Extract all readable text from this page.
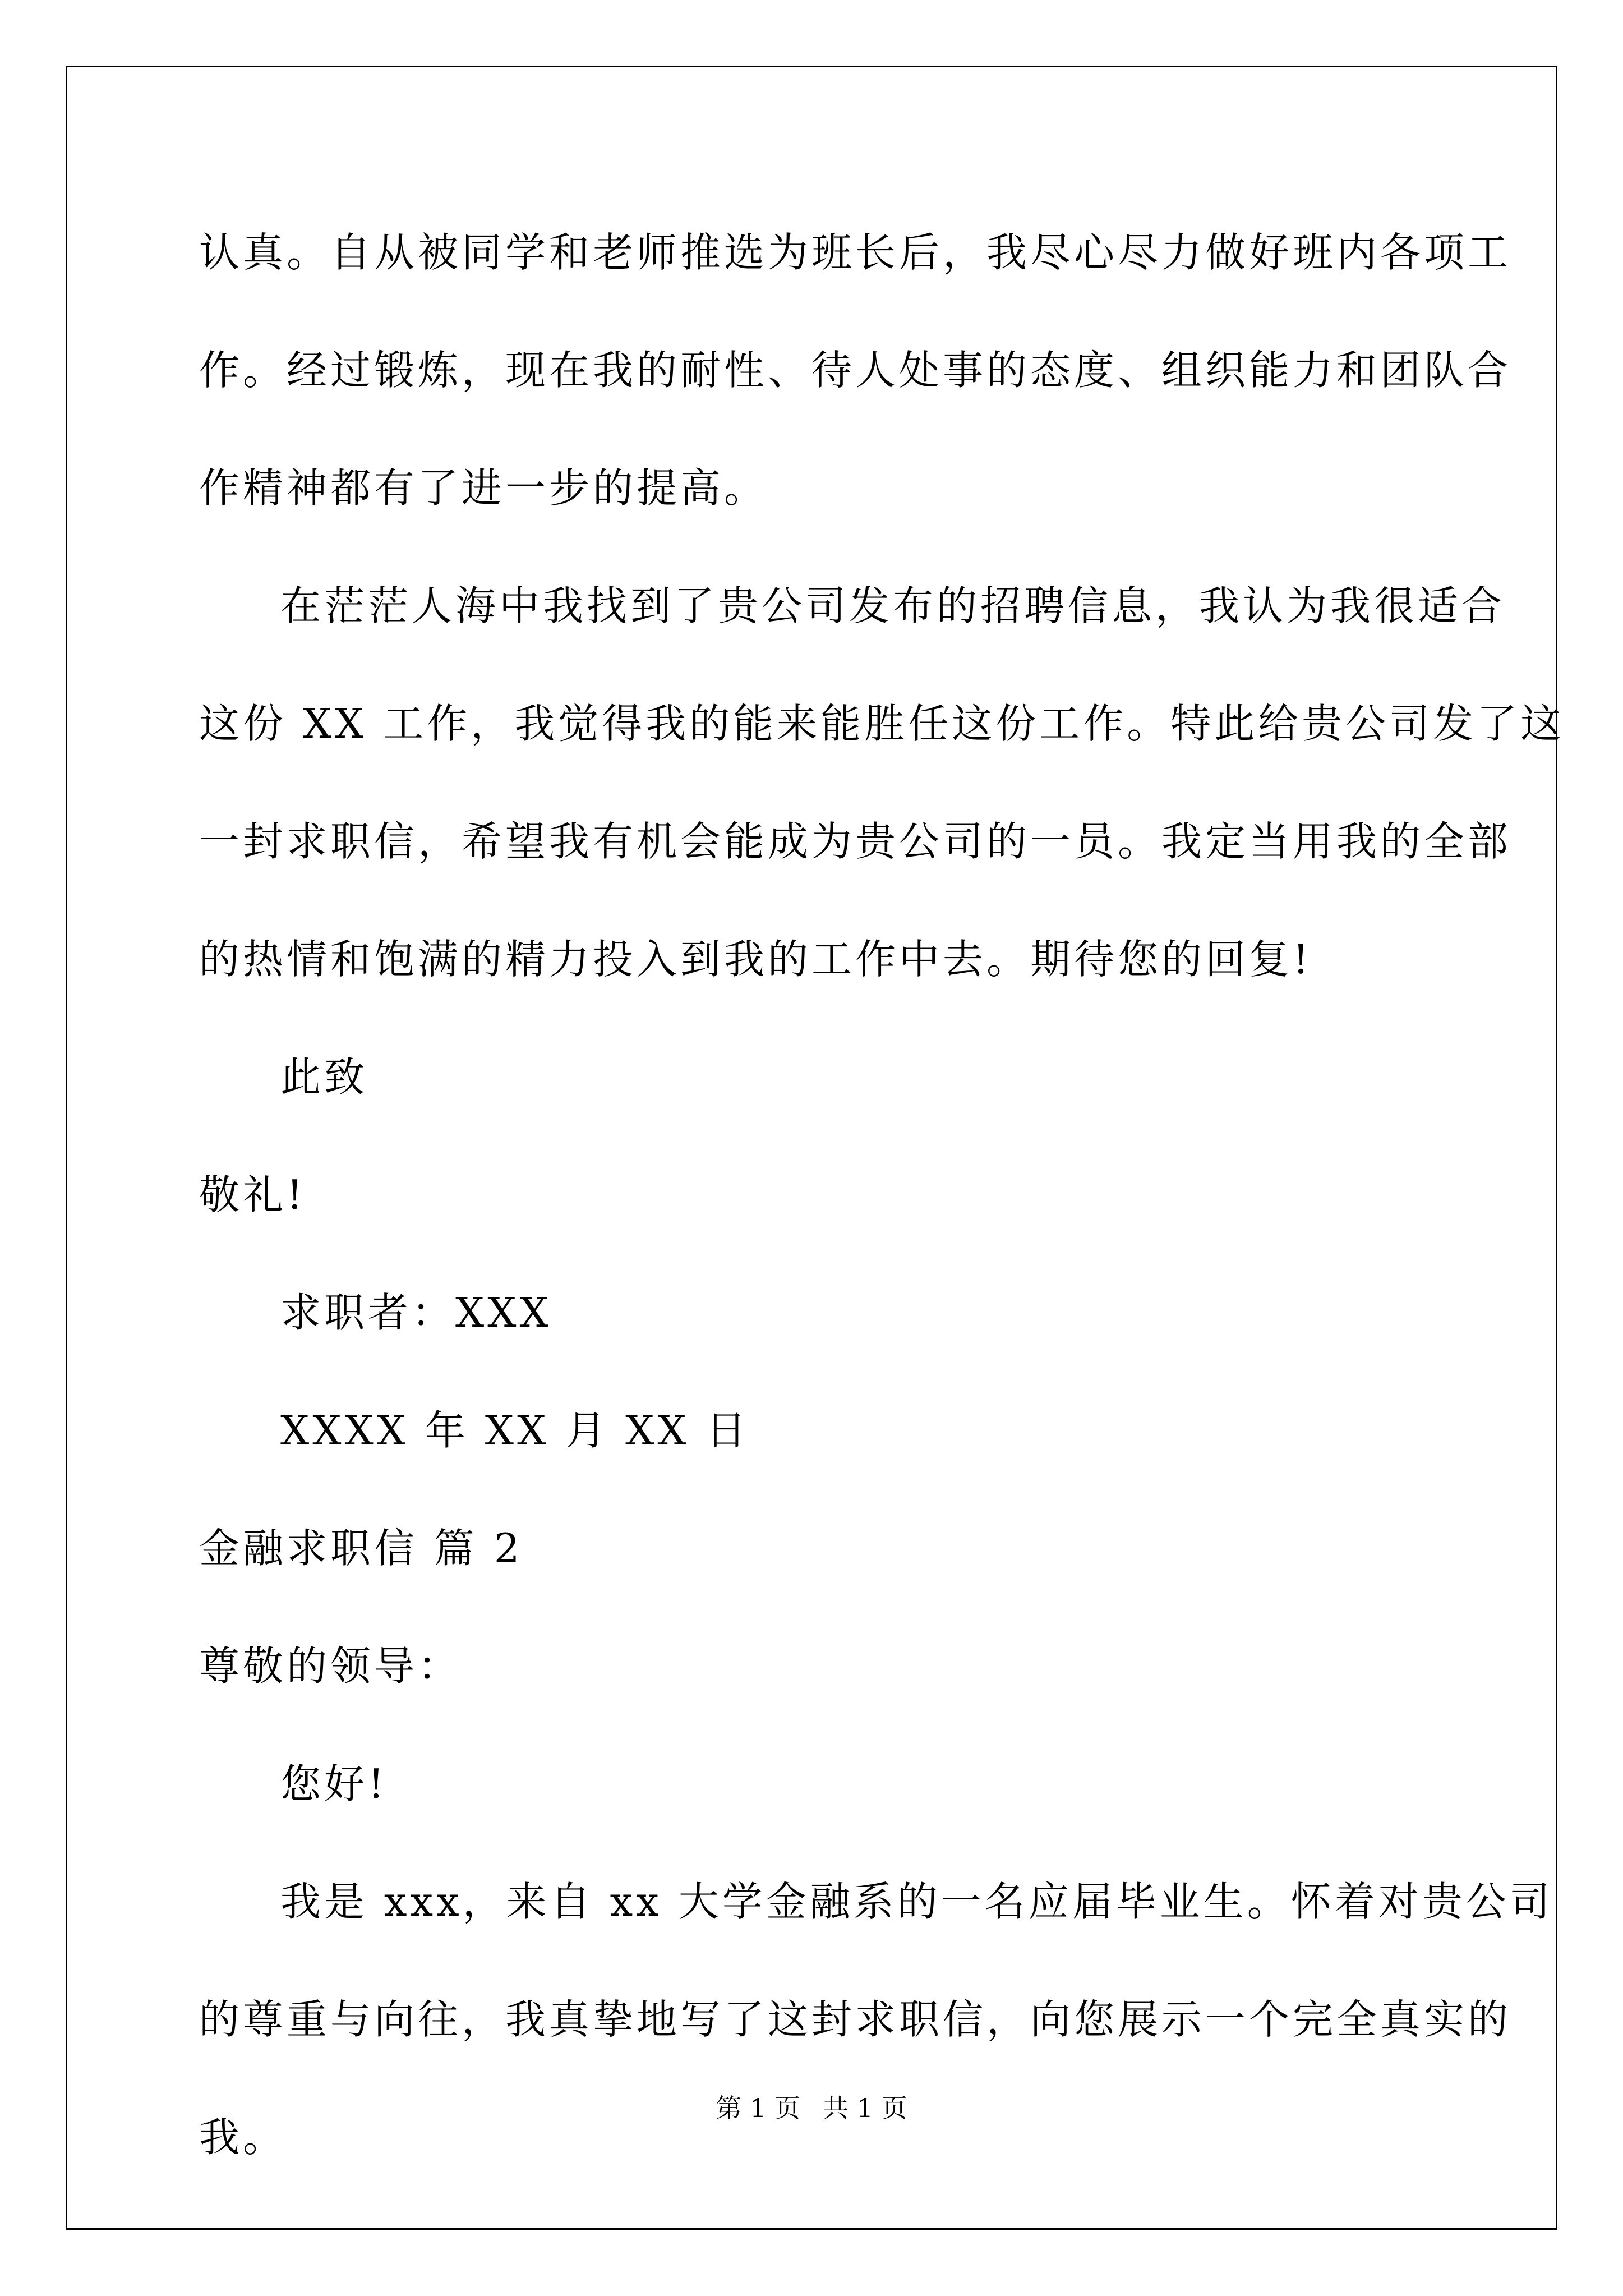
认真。自从被同学和老师推选为班长后，我尽心尽力做好班内各项工
作。经过锻炼，现在我的耐性、待人处事的态度、组织能力和团队合
作精神都有了进一步的提高。
在茫茫人海中我找到了贵公司发布的招聘信息，我认为我很适合
这份 XX 工作，我觉得我的能来能胜任这份工作。特此给贵公司发了这
一封求职信，希望我有机会能成为贵公司的一员。我定当用我的全部
的热情和饱满的精力投入到我的工作中去。期待您的回复!
此致
敬礼!
求职者：XXX
XXXX 年 XX 月 XX 日
金融求职信 篇 2
尊敬的领导：
您好!
我是 xxx，来自 xx 大学金融系的一名应届毕业生。怀着对贵公司
的尊重与向往，我真挚地写了这封求职信，向您展示一个完全真实的
我。
第 1 页 共 1 页
